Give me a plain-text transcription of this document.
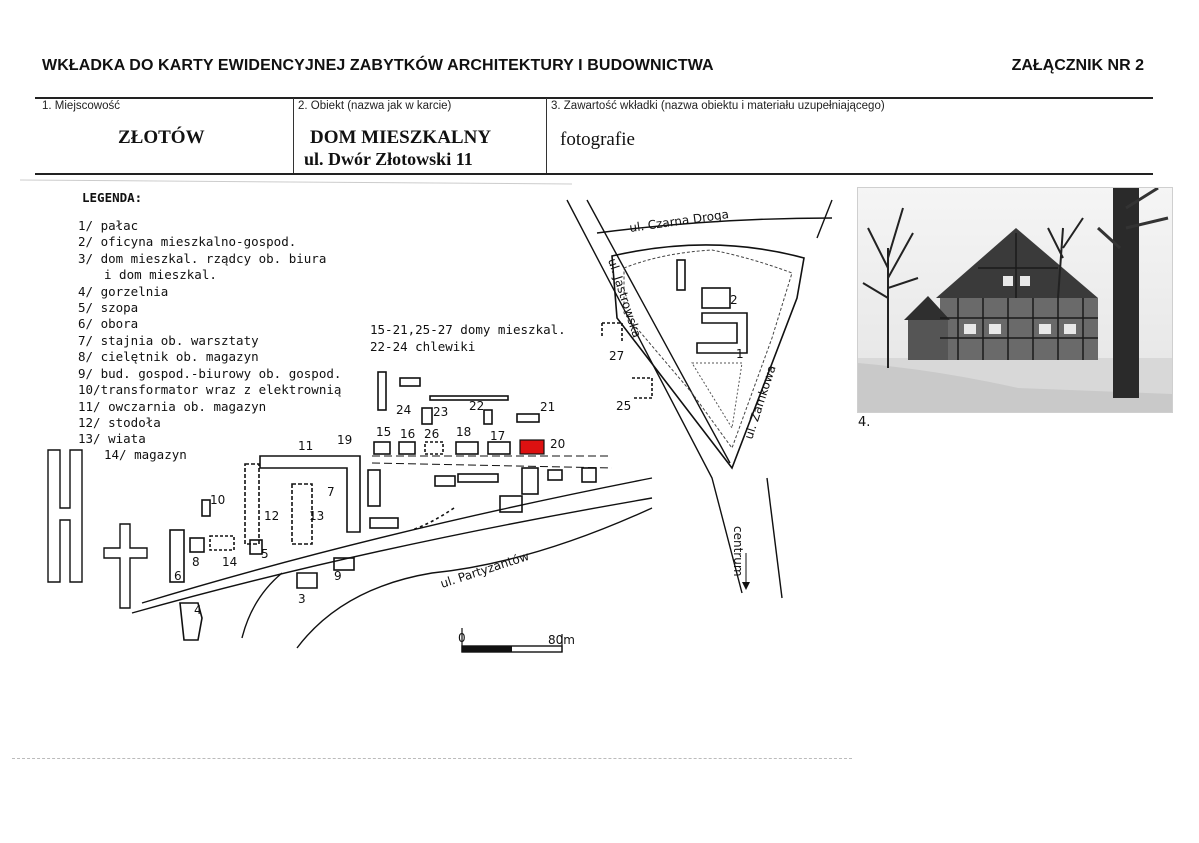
WKŁADKA DO KARTY EWIDENCYJNEJ ZABYTKÓW ARCHITEKTURY I BUDOWNICTWA	ZAŁĄCZNIK NR 2
1. Miejscowość
ZŁOTÓW
2. Obiekt (nazwa jak w karcie)
DOM MIESZKALNY
ul. Dwór Złotowski 11
3. Zawartość wkładki (nazwa obiektu i materiału uzupełniającego)
fotografie
LEGENDA:
1/ pałac
2/ oficyna mieszkalno-gospod.
3/ dom mieszkal. rządcy ob. biura
i dom mieszkal.
4/ gorzelnia
5/ szopa
6/ obora
7/ stajnia ob. warsztaty
8/ cielętnik ob. magazyn
9/ bud. gospod.-biurowy ob. gospod.
10/transformator wraz z elektrownią
11/ owczarnia ob. magazyn
12/ stodoła
13/ wiata
14/ magazyn
15-21,25-27 domy mieszkal.
22-24 chlewiki
ul. Czarna Droga
ul. Jastrowska
ul. Zamkowa
ul. Partyzantów	centrum
1
2
3
4
5
6
7
8
9
10
11
12 13
14
15 16	17
18
19	20
21
22
23
24	25
26
27
0	80m
4.
